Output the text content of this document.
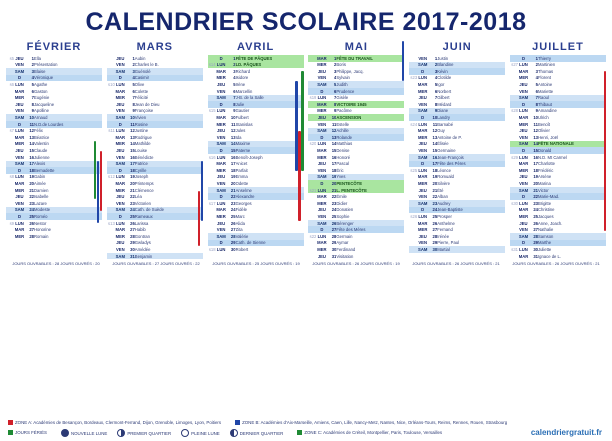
CALENDRIER SCOLAIRE 2017-2018
FÉVRIER
s5	JEU	1	Ella
	VEN	2	Présentation
	SAM	3	Blaise
	D	4	Véronique
s6	LUN	5	Agathe
	MAR	6	Gaston
	MER	7	Eugénie
	JEU	8	Jacqueline
	VEN	9	Apolline
	SAM	10	Arnaud
	D	11	N.D.de Lourdes
s7	LUN	12	Félix
	MAR	13	Béatrice
	MER	14	Valentin
	JEU	15	Claude
	VEN	16	Julienne
	SAM	17	Alexis
	D	18	Bernadette
s8	LUN	19	Gabin
	MAR	20	Aimée
	MER	21	Damien
	JEU	22	Isabelle
	VEN	23	Lazare
	SAM	24	Modeste
	D	25	Roméo
s9	LUN	26	Nestor
	MAR	27	Honorine
	MER	28	Romain
MARS
	JEU	1	Aubin
	VEN	2	Charles le B.
	SAM	3	Guénolé
	D	4	Casimir
s10	LUN	5	Olive
	MAR	6	Colette
	MER	7	Félicité
	JEU	8	Jean de Dieu
	VEN	9	Françoise
	SAM	10	Vivien
	D	11	Rosine
s11	LUN	12	Justine
	MAR	13	Rodrigue
	MER	14	Mathilde
	JEU	15	Louise
	VEN	16	Bénédicte
	SAM	17	Patrice
	D	18	Cyrille
s12	LUN	19	Joseph
	MAR	20	Printemps
	MER	21	Clémence
	JEU	22	Léa
	VEN	23	Victorien
	SAM	24	Cath. de Suède
	D	25	Rameaux
s13	LUN	26	Larissa
	MAR	27	Habib
	MER	28	Gontran
	JEU	29	Gwladys
	VEN	30	Amédée
	SAM	31	Benjamin
AVRIL
	D	1	FÊTE DE PÂQUES
s14	LUN	2	LD. PÂQUES
	MAR	3	Richard
	MER	4	Isidore
	JEU	5	Irène
	VEN	6	Marcellin
	SAM	7	J-B. de la Salle
	D	8	Julie
s15	LUN	9	Gautier
	MAR	10	Fulbert
	MER	11	Stanislas
	JEU	12	Jules
	VEN	13	Ida
	SAM	14	Maxime
	D	15	Paterne
s16	LUN	16	Benoît-Joseph
	MAR	17	Anicet
	MER	18	Parfait
	JEU	19	Emma
	VEN	20	Odette
	SAM	21	Anselme
	D	22	Alexandre
s17	LUN	23	Georges
	MAR	24	Fidèle
	MER	25	Marc
	JEU	26	Alida
	VEN	27	Zita
	SAM	28	Valérie
	D	29	Cath. de Sienne
s18	LUN	30	Robert
MAI
	MAR	1	FÊTE DU TRAVAIL
	MER	2	Boris
	JEU	3	Philippe, Jacq.
	VEN	4	Sylvain
	SAM	5	Judith
	D	6	Prudence
s19	LUN	7	Gisèle
	MAR	8	VICTOIRE 1945
	MER	9	Pacôme
	JEU	10	ASCENSION
	VEN	11	Estelle
	SAM	12	Achille
	D	13	Rolande
s20	LUN	14	Matthias
	MAR	15	Denise
	MER	16	Honoré
	JEU	17	Pascal
	VEN	18	Éric
	SAM	19	Yves
	D	20	PENTECÔTE
s21	LUN	21	L. PENTECÔTE
	MAR	22	Émile
	MER	23	Didier
	JEU	24	Donatien
	VEN	25	Sophie
	SAM	26	Bérenger
	D	27	Fête des Mères
s22	LUN	28	Germain
	MAR	29	Aymar
	MER	30	Ferdinand
	JEU	31	Visitation
JUIN
	VEN	1	Justin
	SAM	2	Blandine
	D	3	Kévin
s23	LUN	4	Clotilde
	MAR	5	Igor
	MER	6	Norbert
	JEU	7	Gilbert
	VEN	8	Médard
	SAM	9	Diane
	D	10	Landry
s24	LUN	11	Barnabé
	MAR	12	Guy
	MER	13	Antoine de P.
	JEU	14	Élisée
	VEN	15	Germaine
	SAM	16	Jean-François
	D	17	Fête des Pères
s25	LUN	18	Léonce
	MAR	19	Romuald
	MER	20	Silvère
	JEU	21	Été
	VEN	22	Alban
	SAM	23	Audrey
	D	24	Jean-Baptiste
s26	LUN	25	Prosper
	MAR	26	Anthelme
	MER	27	Fernand
	JEU	28	Irénée
	VEN	29	Pierre, Paul
	SAM	30	Martial
JUILLET
	D	1	Thierry
s27	LUN	2	Martinien
	MAR	3	Thomas
	MER	4	Florent
	JEU	5	Antoine
	VEN	6	Mariette
	SAM	7	Raoul
	D	8	Thibaut
s28	LUN	9	Amandine
	MAR	10	Ulrich
	MER	11	Benoît
	JEU	12	Olivier
	VEN	13	Henri, Joël
	SAM	14	FÊTE NATIONALE
	D	15	Donald
s29	LUN	16	N.D. Mt Carmel
	MAR	17	Charlotte
	MER	18	Frédéric
	JEU	19	Arsène
	VEN	20	Marina
	SAM	21	Victor
	D	22	Marie-Mad.
s30	LUN	23	Brigitte
	MAR	24	Christine
	MER	25	Jacques
	JEU	26	Anne, Joach.
	VEN	27	Nathalie
	SAM	28	Samson
	D	29	Marthe
s31	LUN	30	Juliette
	MAR	31	Ignace de L.
JOURS OUVRABLES : 28 JOURS OUVRÉS : 20	JOURS OUVRABLES : 27 JOURS OUVRÉS : 22	JOURS OUVRABLES : 25 JOURS OUVRÉS : 19	JOURS OUVRABLES : 26 JOURS OUVRÉS : 19	JOURS OUVRABLES : 26 JOURS OUVRÉS : 21	JOURS OUVRABLES : 26 JOURS OUVRÉS : 21
ZONE A: Académies de Besançon, Bordeaux, Clermont-Ferrand, Dijon, Grenoble, Limoges, Lyon, Poitiers	ZONE B: Académies d'Aix-Marseille, Amiens, Caen, Lille, Nancy-Metz, Nantes, Nice, Orléans-Tours, Reims, Rennes, Rouen, Strasbourg
JOURS FÉRIÉS	NOUVELLE LUNE	PREMIER QUARTIER	PLEINE LUNE	DERNIER QUARTIER	ZONE C: Académies de Créteil, Montpellier, Paris, Toulouse, Versailles	calendriergratuit.fr
